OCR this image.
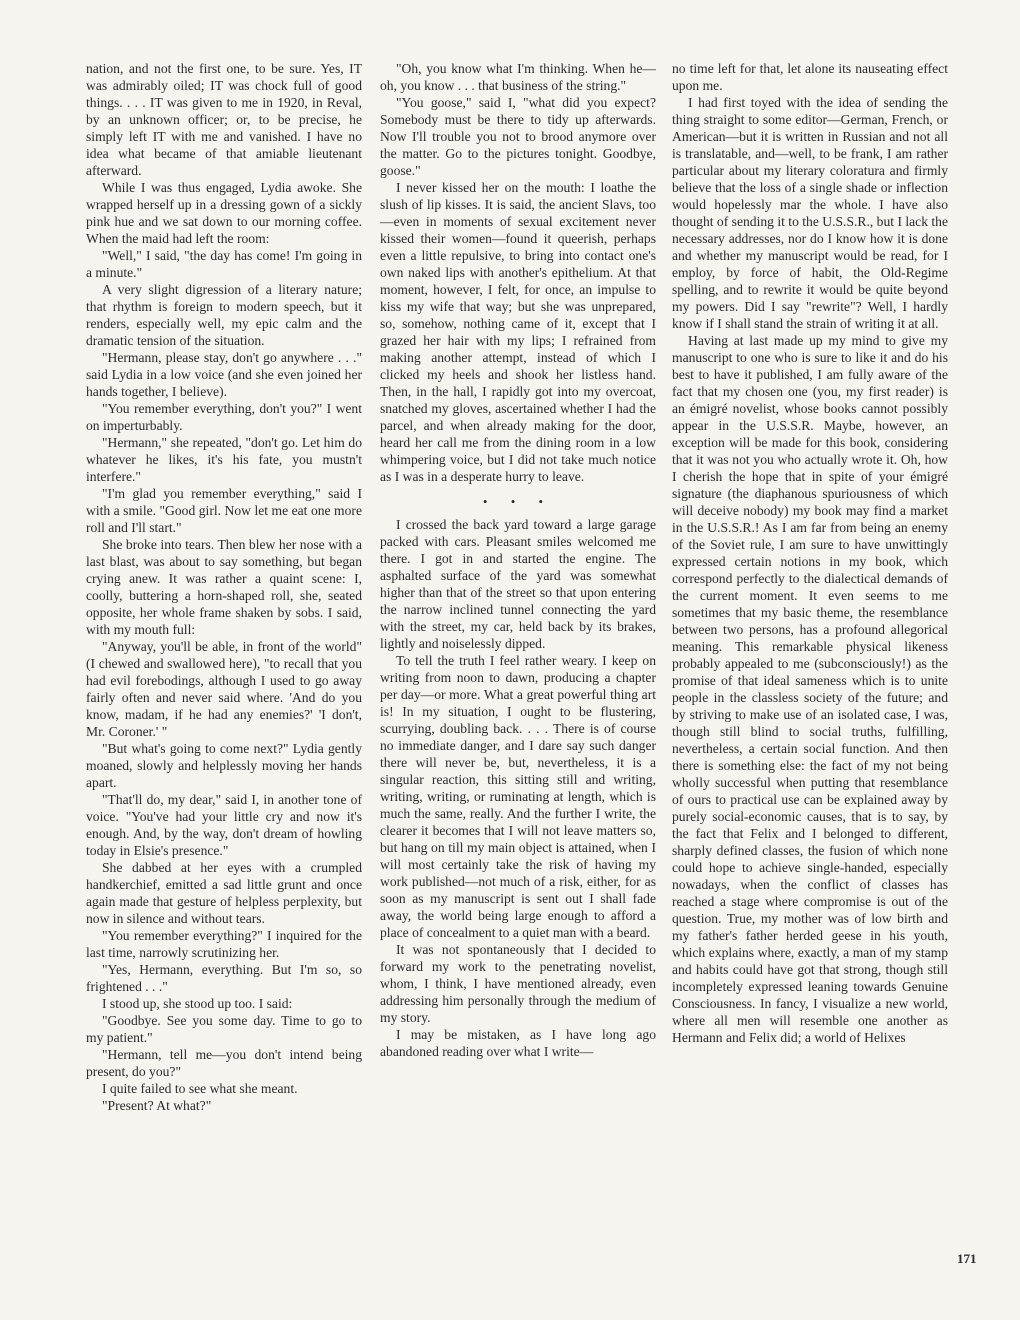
nation, and not the first one, to be sure. Yes, IT was admirably oiled; IT was chock full of good things. . . . IT was given to me in 1920, in Reval, by an unknown officer; or, to be precise, he simply left IT with me and vanished. I have no idea what became of that amiable lieutenant afterward.

While I was thus engaged, Lydia awoke. She wrapped herself up in a dressing gown of a sickly pink hue and we sat down to our morning coffee. When the maid had left the room:

"Well," I said, "the day has come! I'm going in a minute."

A very slight digression of a literary nature; that rhythm is foreign to modern speech, but it renders, especially well, my epic calm and the dramatic tension of the situation.

"Hermann, please stay, don't go anywhere . . ." said Lydia in a low voice (and she even joined her hands together, I believe).

"You remember everything, don't you?" I went on imperturbably.

"Hermann," she repeated, "don't go. Let him do whatever he likes, it's his fate, you mustn't interfere."

"I'm glad you remember everything," said I with a smile. "Good girl. Now let me eat one more roll and I'll start."

She broke into tears. Then blew her nose with a last blast, was about to say something, but began crying anew. It was rather a quaint scene: I, coolly, buttering a horn-shaped roll, she, seated opposite, her whole frame shaken by sobs. I said, with my mouth full:

"Anyway, you'll be able, in front of the world" (I chewed and swallowed here), "to recall that you had evil forebodings, although I used to go away fairly often and never said where. 'And do you know, madam, if he had any enemies?' 'I don't, Mr. Coroner.' "

"But what's going to come next?" Lydia gently moaned, slowly and helplessly moving her hands apart.

"That'll do, my dear," said I, in another tone of voice. "You've had your little cry and now it's enough. And, by the way, don't dream of howling today in Elsie's presence."

She dabbed at her eyes with a crumpled handkerchief, emitted a sad little grunt and once again made that gesture of helpless perplexity, but now in silence and without tears.

"You remember everything?" I inquired for the last time, narrowly scrutinizing her.

"Yes, Hermann, everything. But I'm so, so frightened . . ."

I stood up, she stood up too. I said:

"Goodbye. See you some day. Time to go to my patient."

"Hermann, tell me—you don't intend being present, do you?"

I quite failed to see what she meant.

"Present? At what?"

"Oh, you know what I'm thinking. When he—oh, you know . . . that business of the string."

"You goose," said I, "what did you expect? Somebody must be there to tidy up afterwards. Now I'll trouble you not to brood anymore over the matter. Go to the pictures tonight. Goodbye, goose."

I never kissed her on the mouth: I loathe the slush of lip kisses. It is said, the ancient Slavs, too—even in moments of sexual excitement never kissed their women—found it queerish, perhaps even a little repulsive, to bring into contact one's own naked lips with another's epithelium. At that moment, however, I felt, for once, an impulse to kiss my wife that way; but she was unprepared, so, somehow, nothing came of it, except that I grazed her hair with my lips; I refrained from making another attempt, instead of which I clicked my heels and shook her listless hand. Then, in the hall, I rapidly got into my overcoat, snatched my gloves, ascertained whether I had the parcel, and when already making for the door, heard her call me from the dining room in a low whimpering voice, but I did not take much notice as I was in a desperate hurry to leave.

• • •

I crossed the back yard toward a large garage packed with cars. Pleasant smiles welcomed me there. I got in and started the engine. The asphalted surface of the yard was somewhat higher than that of the street so that upon entering the narrow inclined tunnel connecting the yard with the street, my car, held back by its brakes, lightly and noiselessly dipped.

To tell the truth I feel rather weary. I keep on writing from noon to dawn, producing a chapter per day—or more. What a great powerful thing art is! In my situation, I ought to be flustering, scurrying, doubling back. . . . There is of course no immediate danger, and I dare say such danger there will never be, but, nevertheless, it is a singular reaction, this sitting still and writing, writing, writing, or ruminating at length, which is much the same, really. And the further I write, the clearer it becomes that I will not leave matters so, but hang on till my main object is attained, when I will most certainly take the risk of having my work published—not much of a risk, either, for as soon as my manuscript is sent out I shall fade away, the world being large enough to afford a place of concealment to a quiet man with a beard.

It was not spontaneously that I decided to forward my work to the penetrating novelist, whom, I think, I have mentioned already, even addressing him personally through the medium of my story.

I may be mistaken, as I have long ago abandoned reading over what I write—

no time left for that, let alone its nauseating effect upon me.

I had first toyed with the idea of sending the thing straight to some editor—German, French, or American—but it is written in Russian and not all is translatable, and—well, to be frank, I am rather particular about my literary coloratura and firmly believe that the loss of a single shade or inflection would hopelessly mar the whole. I have also thought of sending it to the U.S.S.R., but I lack the necessary addresses, nor do I know how it is done and whether my manuscript would be read, for I employ, by force of habit, the Old-Regime spelling, and to rewrite it would be quite beyond my powers. Did I say "rewrite"? Well, I hardly know if I shall stand the strain of writing it at all.

Having at last made up my mind to give my manuscript to one who is sure to like it and do his best to have it published, I am fully aware of the fact that my chosen one (you, my first reader) is an émigré novelist, whose books cannot possibly appear in the U.S.S.R. Maybe, however, an exception will be made for this book, considering that it was not you who actually wrote it. Oh, how I cherish the hope that in spite of your émigré signature (the diaphanous spuriousness of which will deceive nobody) my book may find a market in the U.S.S.R.! As I am far from being an enemy of the Soviet rule, I am sure to have unwittingly expressed certain notions in my book, which correspond perfectly to the dialectical demands of the current moment. It even seems to me sometimes that my basic theme, the resemblance between two persons, has a profound allegorical meaning. This remarkable physical likeness probably appealed to me (subconsciously!) as the promise of that ideal sameness which is to unite people in the classless society of the future; and by striving to make use of an isolated case, I was, though still blind to social truths, fulfilling, nevertheless, a certain social function. And then there is something else: the fact of my not being wholly successful when putting that resemblance of ours to practical use can be explained away by purely social-economic causes, that is to say, by the fact that Felix and I belonged to different, sharply defined classes, the fusion of which none could hope to achieve single-handed, especially nowadays, when the conflict of classes has reached a stage where compromise is out of the question. True, my mother was of low birth and my father's father herded geese in his youth, which explains where, exactly, a man of my stamp and habits could have got that strong, though still incompletely expressed leaning towards Genuine Consciousness. In fancy, I visualize a new world, where all men will resemble one another as Hermann and Felix did; a world of Helixes

171
